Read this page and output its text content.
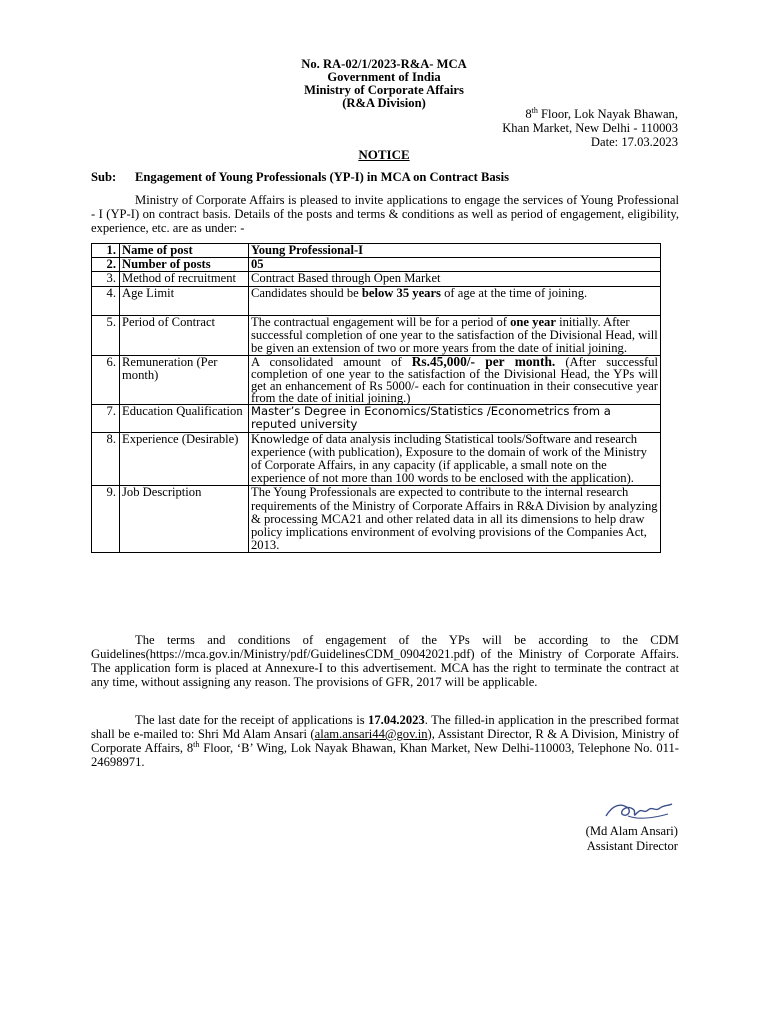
No. RA-02/1/2023-R&A- MCA
Government of India
Ministry of Corporate Affairs
(R&A Division)
8th Floor, Lok Nayak Bhawan,
Khan Market, New Delhi - 110003
Date: 17.03.2023
NOTICE
Sub: Engagement of Young Professionals (YP-I) in MCA on Contract Basis
Ministry of Corporate Affairs is pleased to invite applications to engage the services of Young Professional - I (YP-I) on contract basis. Details of the posts and terms & conditions as well as period of engagement, eligibility, experience, etc. are as under: -
1.	Name of post	Young Professional-I
2.	Number of posts	05
3.	Method of recruitment	Contract Based through Open Market
4.	Age Limit	Candidates should be below 35 years of age at the time of joining.
5.	Period of Contract	The contractual engagement will be for a period of one year initially. After successful completion of one year to the satisfaction of the Divisional Head, will be given an extension of two or more years from the date of initial joining.
6.	Remuneration (Per month)	A consolidated amount of Rs.45,000/- per month. (After successful completion of one year to the satisfaction of the Divisional Head, the YPs will get an enhancement of Rs 5000/- each for continuation in their consecutive year from the date of initial joining.)
7.	Education Qualification	Master’s Degree in Economics/Statistics /Econometrics from a reputed university
8.	Experience (Desirable)	Knowledge of data analysis including Statistical tools/Software and research experience (with publication), Exposure to the domain of work of the Ministry of Corporate Affairs, in any capacity (if applicable, a small note on the experience of not more than 100 words to be enclosed with the application).
9.	Job Description	The Young Professionals are expected to contribute to the internal research requirements of the Ministry of Corporate Affairs in R&A Division by analyzing & processing MCA21 and other related data in all its dimensions to help draw policy implications environment of evolving provisions of the Companies Act, 2013.
The terms and conditions of engagement of the YPs will be according to the CDM Guidelines(https://mca.gov.in/Ministry/pdf/GuidelinesCDM_09042021.pdf) of the Ministry of Corporate Affairs. The application form is placed at Annexure-I to this advertisement. MCA has the right to terminate the contract at any time, without assigning any reason. The provisions of GFR, 2017 will be applicable.
The last date for the receipt of applications is 17.04.2023. The filled-in application in the prescribed format shall be e-mailed to: Shri Md Alam Ansari (alam.ansari44@gov.in), Assistant Director, R & A Division, Ministry of Corporate Affairs, 8th Floor, ‘B’ Wing, Lok Nayak Bhawan, Khan Market, New Delhi-110003, Telephone No. 011-24698971.
(Md Alam Ansari)
Assistant Director
